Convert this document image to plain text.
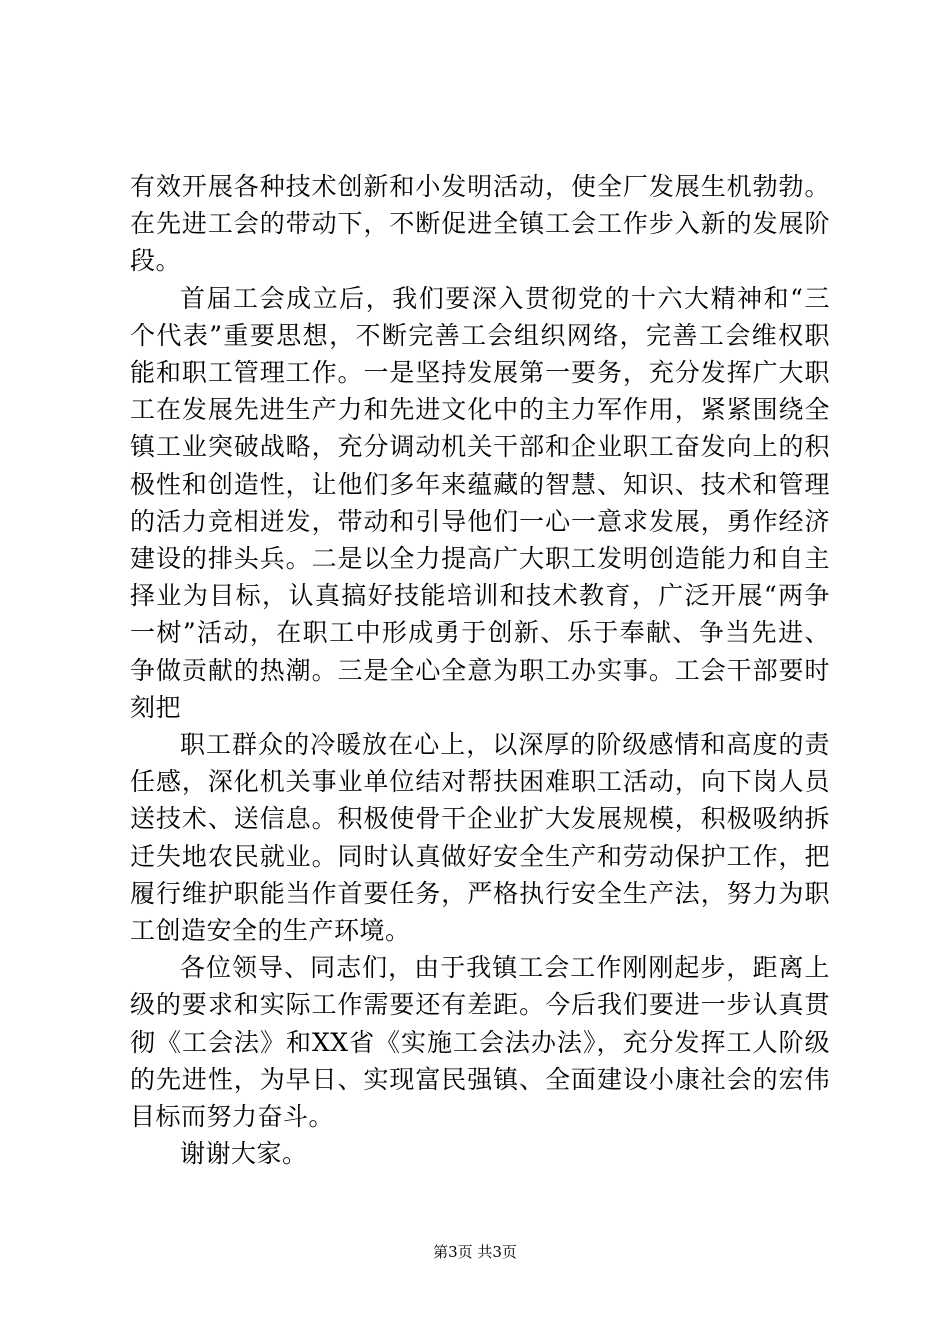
有效开展各种技术创新和小发明活动，使全厂发展生机勃勃。
在先进工会的带动下，不断促进全镇工会工作步入新的发展阶
段。

首届工会成立后，我们要深入贯彻党的十六大精神和“三
个代表”重要思想，不断完善工会组织网络，完善工会维权职
能和职工管理工作。一是坚持发展第一要务，充分发挥广大职
工在发展先进生产力和先进文化中的主力军作用，紧紧围绕全
镇工业突破战略，充分调动机关干部和企业职工奋发向上的积
极性和创造性，让他们多年来蕴藏的智慧、知识、技术和管理
的活力竞相迸发，带动和引导他们一心一意求发展，勇作经济
建设的排头兵。二是以全力提高广大职工发明创造能力和自主
择业为目标，认真搞好技能培训和技术教育，广泛开展“两争
一树”活动，在职工中形成勇于创新、乐于奉献、争当先进、
争做贡献的热潮。三是全心全意为职工办实事。工会干部要时
刻把

职工群众的冷暖放在心上，以深厚的阶级感情和高度的责
任感，深化机关事业单位结对帮扶困难职工活动，向下岗人员
送技术、送信息。积极使骨干企业扩大发展规模，积极吸纳拆
迁失地农民就业。同时认真做好安全生产和劳动保护工作，把
履行维护职能当作首要任务，严格执行安全生产法，努力为职
工创造安全的生产环境。

各位领导、同志们，由于我镇工会工作刚刚起步，距离上
级的要求和实际工作需要还有差距。今后我们要进一步认真贯
彻《工会法》和XX省《实施工会法办法》，充分发挥工人阶级
的先进性，为早日、实现富民强镇、全面建设小康社会的宏伟
目标而努力奋斗。

谢谢大家。

第3页 共3页
